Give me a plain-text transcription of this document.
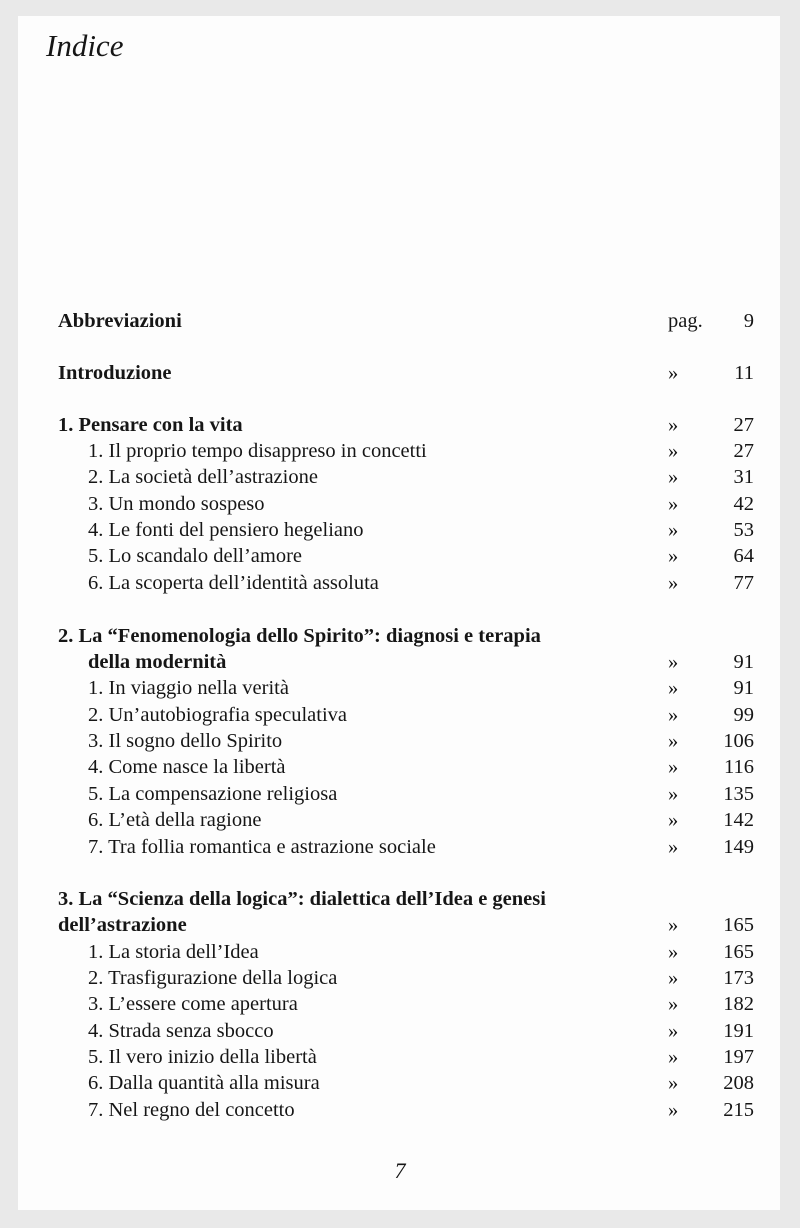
Indice
Abbreviazioni	pag. 9
Introduzione	»	11
1. Pensare con la vita	»	27
1. Il proprio tempo disappreso in concetti	»	27
2. La società dell’astrazione	»	31
3. Un mondo sospeso	»	42
4. Le fonti del pensiero hegeliano	»	53
5. Lo scandalo dell’amore	»	64
6. La scoperta dell’identità assoluta	»	77
2. La “Fenomenologia dello Spirito”: diagnosi e terapia
della modernità	»	91
1. In viaggio nella verità	»	91
2. Un’autobiografia speculativa	»	99
3. Il sogno dello Spirito	» 106
4. Come nasce la libertà	» 116
5. La compensazione religiosa	» 135
6. L’età della ragione	» 142
7. Tra follia romantica e astrazione sociale	» 149
3. La “Scienza della logica”: dialettica dell’Idea e genesi
dell’astrazione	» 165
1. La storia dell’Idea	» 165
2. Trasfigurazione della logica	» 173
3. L’essere come apertura	» 182
4. Strada senza sbocco	» 191
5. Il vero inizio della libertà	» 197
6. Dalla quantità alla misura	» 208
7. Nel regno del concetto	» 215
7
